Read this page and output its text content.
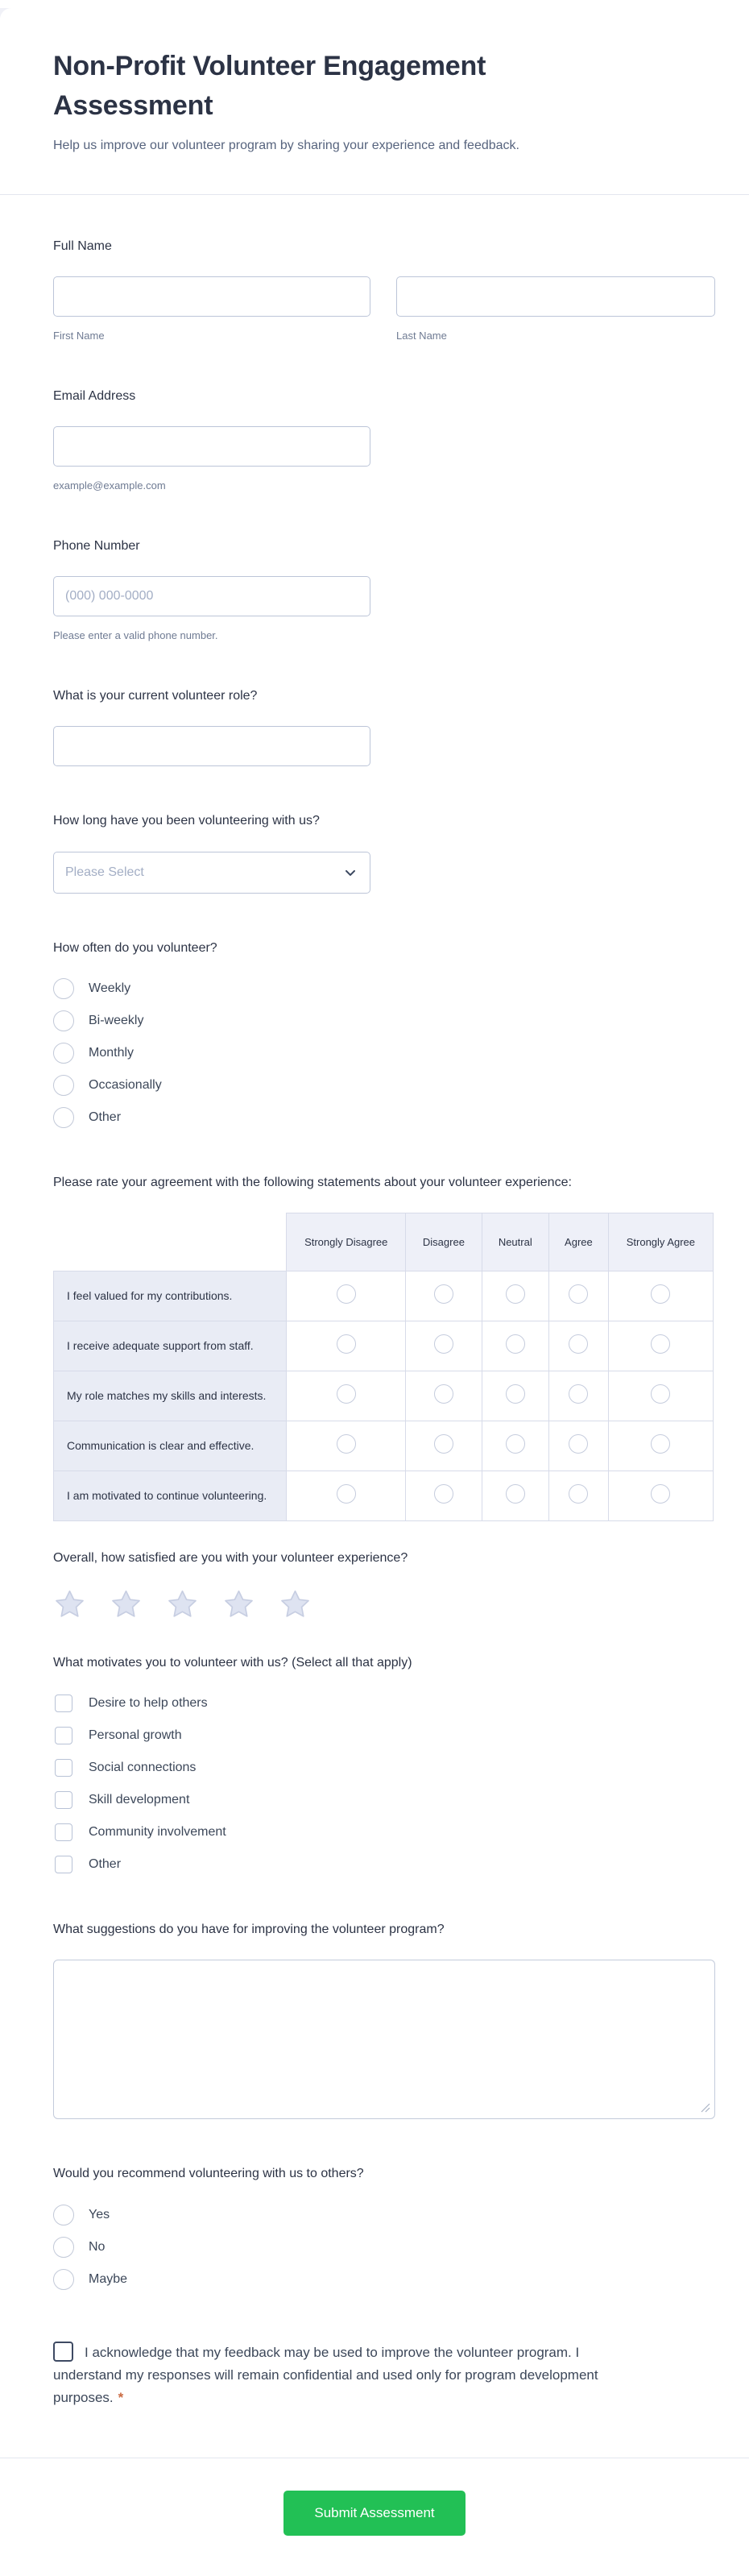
Non-Profit Volunteer Engagement Assessment

Help us improve our volunteer program by sharing your experience and feedback.

Full Name
First Name	Last Name
Email Address
example@example.com
Phone Number
(000) 000-0000
Please enter a valid phone number.
What is your current volunteer role?
How long have you been volunteering with us?
Please Select
How often do you volunteer?
Weekly
Bi-weekly
Monthly
Occasionally
Other
Please rate your agreement with the following statements about your volunteer experience:
	Strongly Disagree	Disagree	Neutral	Agree	Strongly Agree
I feel valued for my contributions.					
I receive adequate support from staff.					
My role matches my skills and interests.					
Communication is clear and effective.					
I am motivated to continue volunteering.					
Overall, how satisfied are you with your volunteer experience?
What motivates you to volunteer with us? (Select all that apply)
Desire to help others
Personal growth
Social connections
Skill development
Community involvement
Other
What suggestions do you have for improving the volunteer program?
Would you recommend volunteering with us to others?
Yes
No
Maybe
I acknowledge that my feedback may be used to improve the volunteer program. I understand my responses will remain confidential and used only for program development purposes. *
Submit Assessment
